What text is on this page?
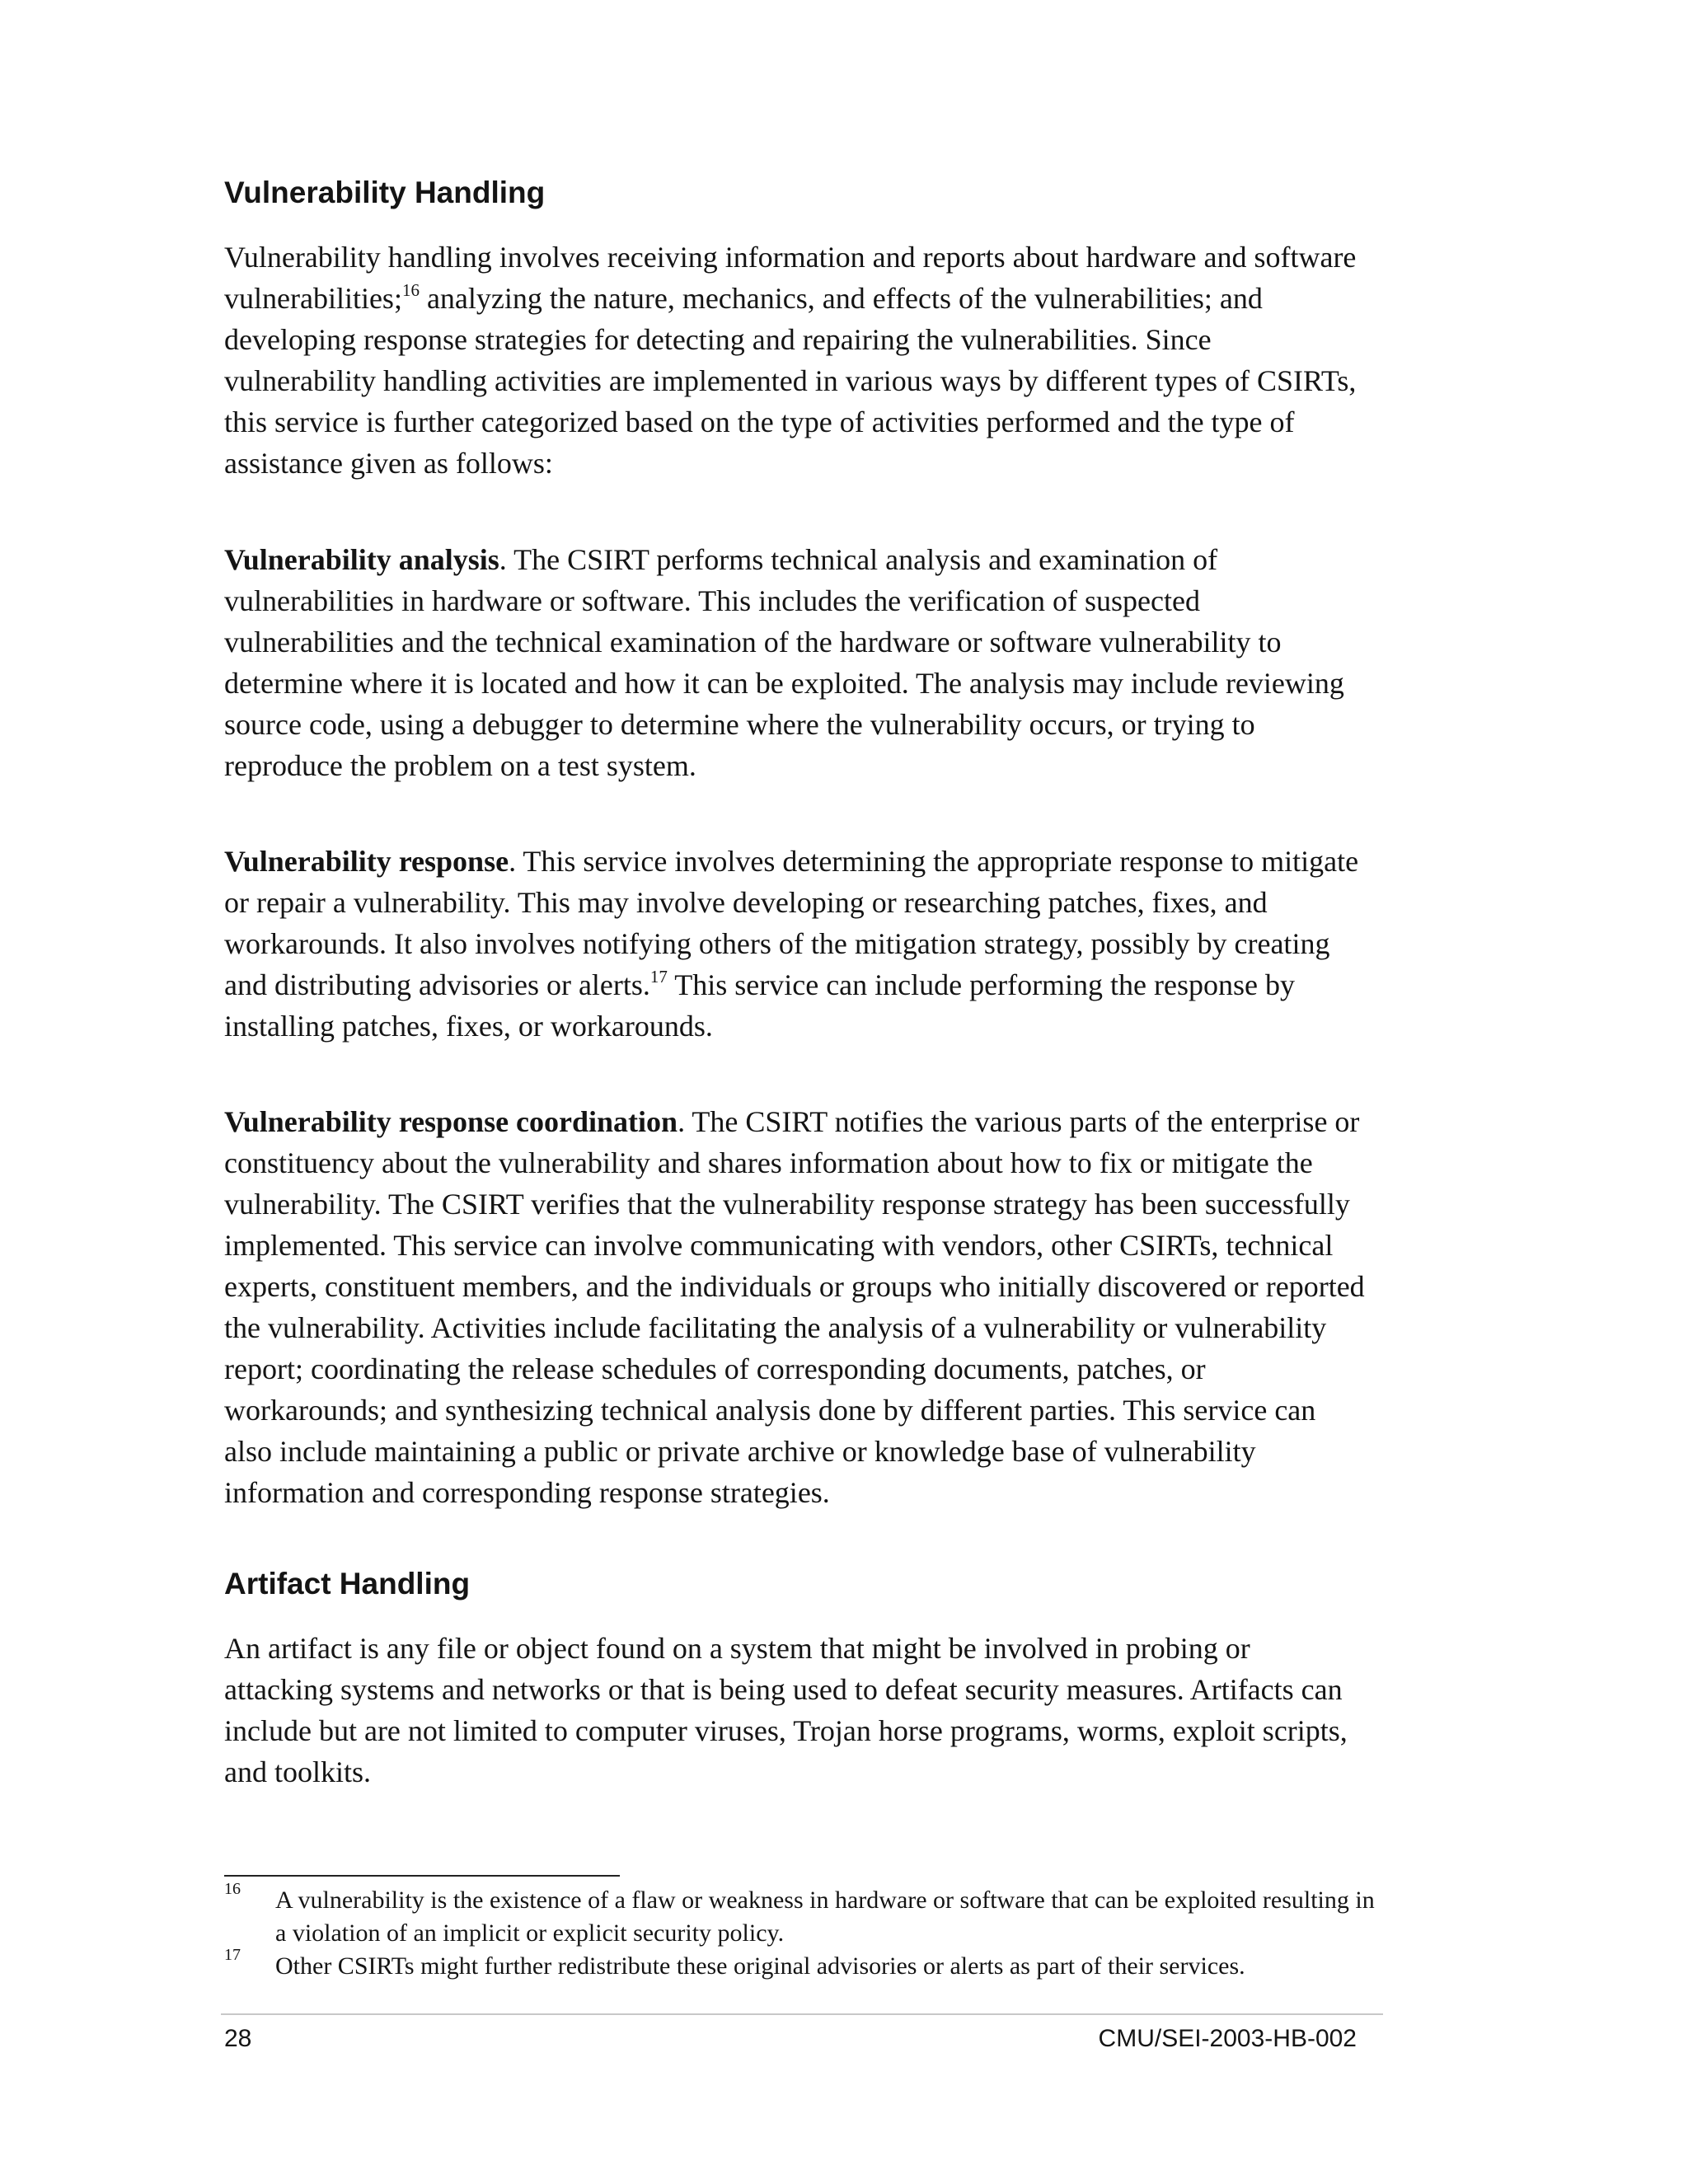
Vulnerability Handling

Vulnerability handling involves receiving information and reports about hardware and software vulnerabilities;$^{16}$ analyzing the nature, mechanics, and effects of the vulnerabilities; and developing response strategies for detecting and repairing the vulnerabilities. Since vulnerability handling activities are implemented in various ways by different types of CSIRTs, this service is further categorized based on the type of activities performed and the type of assistance given as follows:

Vulnerability analysis. The CSIRT performs technical analysis and examination of vulnerabilities in hardware or software. This includes the verification of suspected vulnerabilities and the technical examination of the hardware or software vulnerability to determine where it is located and how it can be exploited. The analysis may include reviewing source code, using a debugger to determine where the vulnerability occurs, or trying to reproduce the problem on a test system.

Vulnerability response. This service involves determining the appropriate response to mitigate or repair a vulnerability. This may involve developing or researching patches, fixes, and workarounds. It also involves notifying others of the mitigation strategy, possibly by creating and distributing advisories or alerts.$^{17}$ This service can include performing the response by installing patches, fixes, or workarounds.

Vulnerability response coordination. The CSIRT notifies the various parts of the enterprise or constituency about the vulnerability and shares information about how to fix or mitigate the vulnerability. The CSIRT verifies that the vulnerability response strategy has been successfully implemented. This service can involve communicating with vendors, other CSIRTs, technical experts, constituent members, and the individuals or groups who initially discovered or reported the vulnerability. Activities include facilitating the analysis of a vulnerability or vulnerability report; coordinating the release schedules of corresponding documents, patches, or workarounds; and synthesizing technical analysis done by different parties. This service can also include maintaining a public or private archive or knowledge base of vulnerability information and corresponding response strategies.

Artifact Handling

An artifact is any file or object found on a system that might be involved in probing or attacking systems and networks or that is being used to defeat security measures. Artifacts can include but are not limited to computer viruses, Trojan horse programs, worms, exploit scripts, and toolkits.

16 A vulnerability is the existence of a flaw or weakness in hardware or software that can be exploited resulting in a violation of an implicit or explicit security policy.
17 Other CSIRTs might further redistribute these original advisories or alerts as part of their services.
28	CMU/SEI-2003-HB-002
